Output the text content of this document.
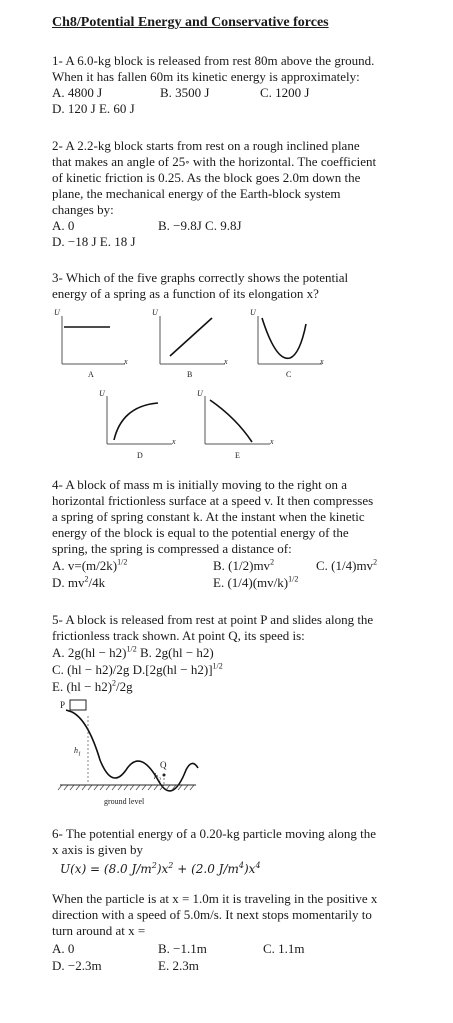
Ch8/Potential Energy and Conservative forces
1- A 6.0-kg block is released from rest 80m above the ground.
When it has fallen 60m its kinetic energy is approximately:
A. 4800 J	B. 3500 J	C. 1200 J
D. 120 J E. 60 J
2- A 2.2-kg block starts from rest on a rough inclined plane
that makes an angle of 25∘ with the horizontal. The coefficient
of kinetic friction is 0.25. As the block goes 2.0m down the
plane, the mechanical energy of the Earth-block system
changes by:
A. 0	B. −9.8J C. 9.8J
D. −18 J E. 18 J
3- Which of the five graphs correctly shows the potential
energy of a spring as a function of its elongation x?
U
x
A
U
x
B
U
x
C
U
x
D
U
x
E
4- A block of mass m is initially moving to the right on a
horizontal frictionless surface at a speed v. It then compresses
a spring of spring constant k. At the instant when the kinetic
energy of the block is equal to the potential energy of the
spring, the spring is compressed a distance of:
A. $v=(m/2k)^{1/2}$	B. $(1/2)mv^2$	C. $(1/4)mv^2$
D. $mv^2/4k$	E. $(1/4)(mv/k)^{1/2}$
5- A block is released from rest at point P and slides along the
frictionless track shown. At point Q, its speed is:
A. 2g(hl − h2)$^{1/2}$ B. 2g(hl − h2)
C. (hl − h2)/2g $D.[2g(hl - h2)]^{1/2}$
E. (hl − h2)$^2$/2g
P
Q
$h_1$
$h_2$
ground level
6- The potential energy of a 0.20-kg particle moving along the
x axis is given by
U(x) = (8.0 $J/m^2)x^2 + (2.0$ $J/m^4)x^4$
When the particle is at x = 1.0m it is traveling in the positive x
direction with a speed of 5.0m/s. It next stops momentarily to
turn around at x =
A. 0	B. −1.1m	C. 1.1m
D. −2.3m	E. 2.3m
